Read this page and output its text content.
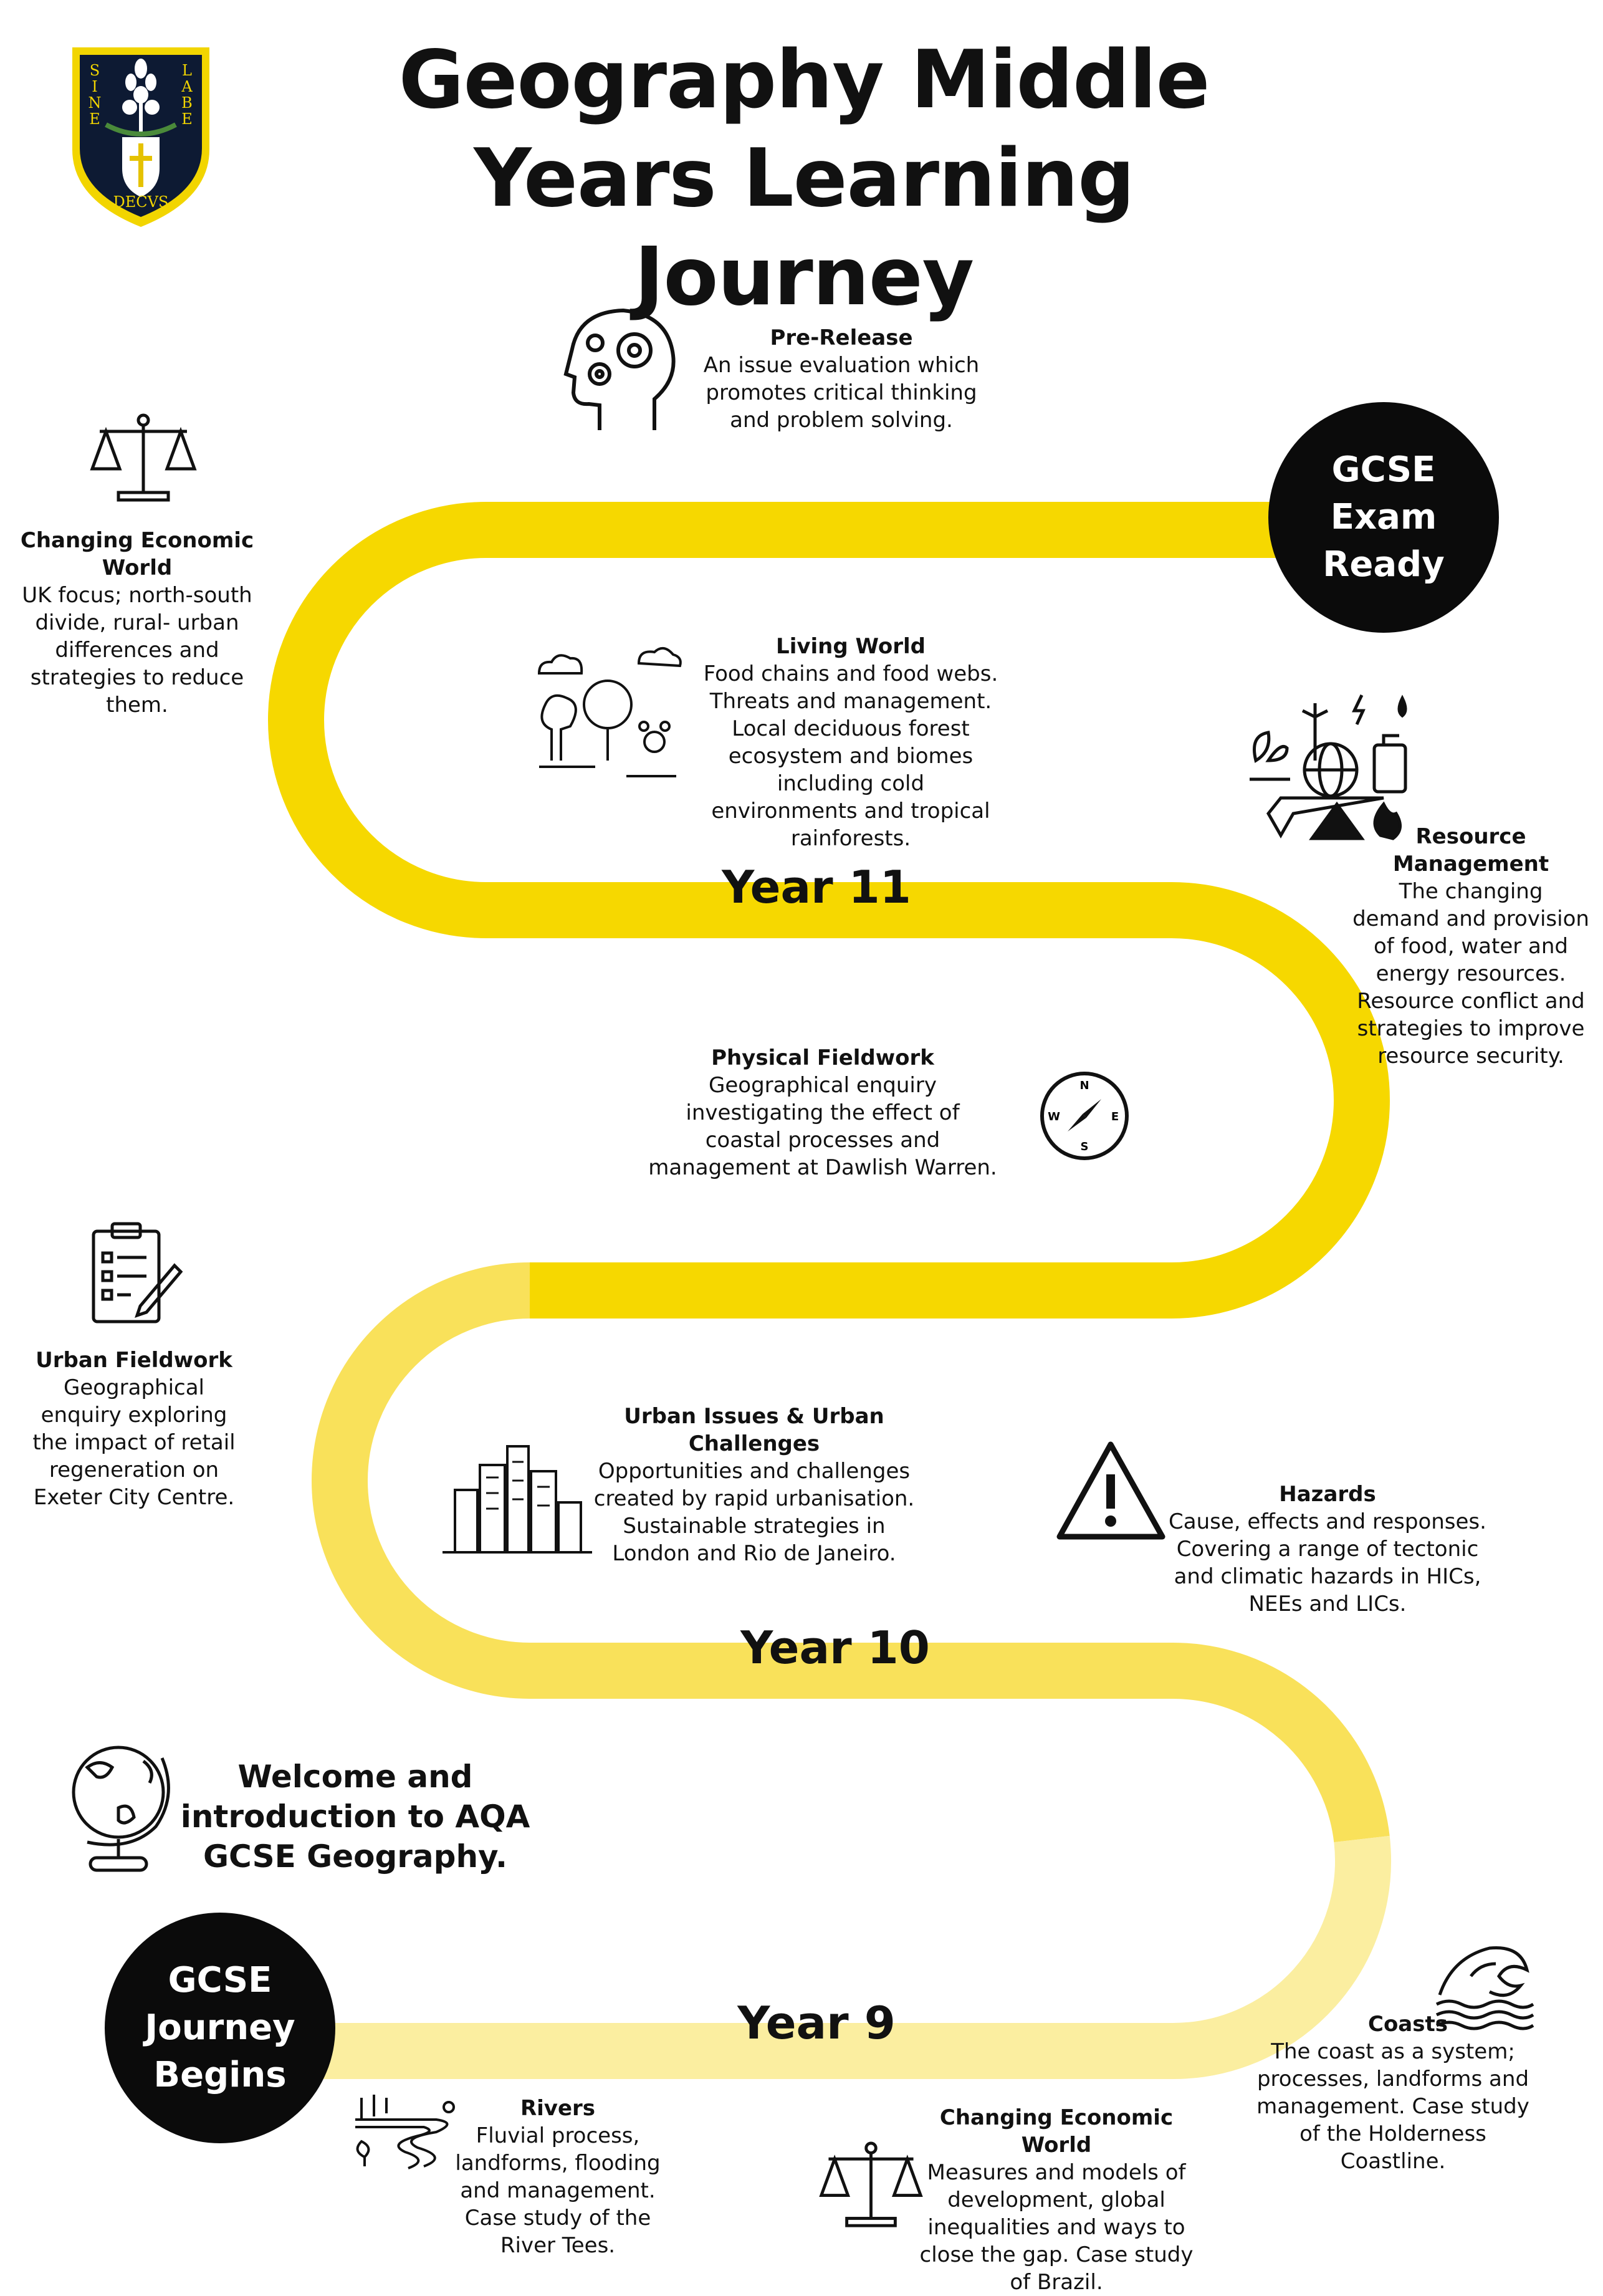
SINE
LABE
DECVS
Geography Middle Years Learning Journey
GCSE
Exam
Ready
GCSE
Journey
Begins
Year 11
Year 10
Year 9
Pre-Release
An issue evaluation which promotes critical thinking and problem solving.
Changing Economic World
UK focus; north-south divide, rural- urban differences and strategies to reduce them.
Living World
Food chains and food webs. Threats and management. Local deciduous forest ecosystem and biomes including cold environments and tropical rainforests.	Resource Management
The changing demand and provision of food, water and energy resources. Resource conflict and strategies to improve resource security.
Physical Fieldwork
Geographical enquiry investigating the effect of coastal processes and management at Dawlish Warren.
N
S
E
W
Urban Fieldwork
Geographical enquiry exploring the impact of retail regeneration on Exeter City Centre.
Urban Issues & Urban Challenges
Opportunities and challenges created by rapid urbanisation. Sustainable strategies in London and Rio de Janeiro.
Hazards
Cause, effects and responses. Covering a range of tectonic and climatic hazards in HICs, NEEs and LICs.
Welcome and introduction to AQA GCSE Geography.
Coasts
The coast as a system; processes, landforms and management. Case study of the Holderness Coastline.
Rivers
Fluvial process, landforms, flooding and management. Case study of the River Tees.
Changing Economic World
Measures and models of development, global inequalities and ways to close the gap. Case study of Brazil.
